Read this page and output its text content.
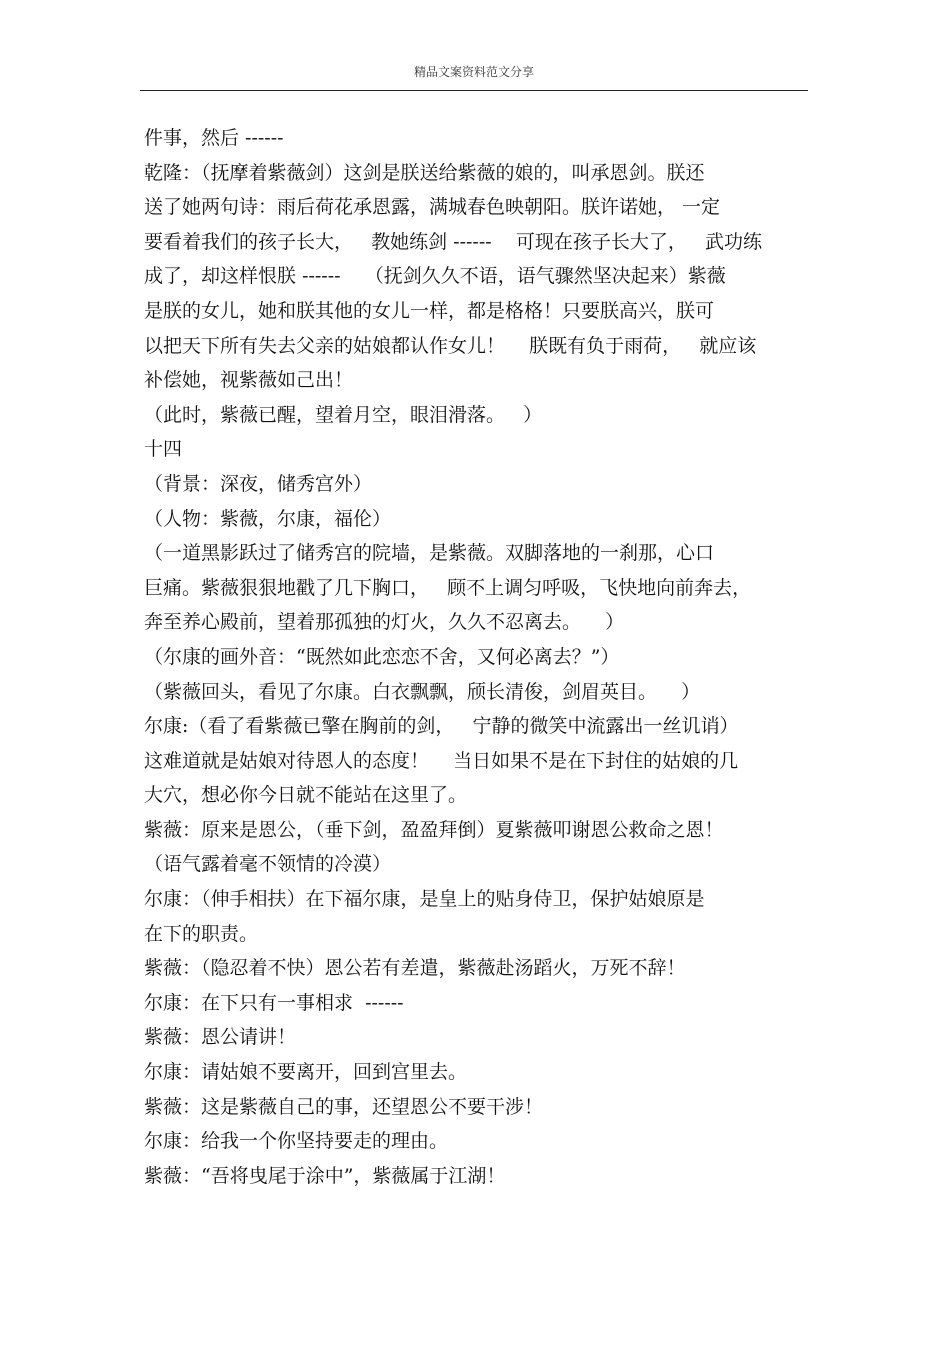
精品文案资料范文分享
件事，然后 ------
乾隆：（抚摩着紫薇剑）这剑是朕送给紫薇的娘的，叫承恩剑。朕还
送了她两句诗：雨后荷花承恩露，满城春色映朝阳。朕许诺她， 一定
要看着我们的孩子长大，   教她练剑 ------    可现在孩子长大了，   武功练
成了，却这样恨朕 ------    （抚剑久久不语，语气骤然坚决起来）紫薇
是朕的女儿，她和朕其他的女儿一样，都是格格！只要朕高兴，朕可
以把天下所有失去父亲的姑娘都认作女儿！    朕既有负于雨荷，   就应该
补偿她，视紫薇如己出！
（此时，紫薇已醒，望着月空，眼泪滑落。   ）
十四
（背景：深夜，储秀宫外）
（人物：紫薇，尔康，福伦）
（一道黑影跃过了储秀宫的院墙，是紫薇。双脚落地的一刹那，心口
巨痛。紫薇狠狠地戳了几下胸口，   顾不上调匀呼吸，飞快地向前奔去，
奔至养心殿前，望着那孤独的灯火，久久不忍离去。    ）
（尔康的画外音：“既然如此恋恋不舍，又何必离去？”）
（紫薇回头，看见了尔康。白衣飘飘，颀长清俊，剑眉英目。    ）
尔康:（看了看紫薇已擎在胸前的剑，   宁静的微笑中流露出一丝讥诮）
这难道就是姑娘对待恩人的态度！    当日如果不是在下封住的姑娘的几
大穴，想必你今日就不能站在这里了。
紫薇：原来是恩公，（垂下剑，盈盈拜倒）夏紫薇叩谢恩公救命之恩！
（语气露着毫不领情的冷漠）
尔康：（伸手相扶）在下福尔康，是皇上的贴身侍卫，保护姑娘原是
在下的职责。
紫薇：（隐忍着不快）恩公若有差遣，紫薇赴汤蹈火，万死不辞！
尔康：在下只有一事相求  ------
紫薇：恩公请讲！
尔康：请姑娘不要离开，回到宫里去。
紫薇：这是紫薇自己的事，还望恩公不要干涉！
尔康：给我一个你坚持要走的理由。
紫薇：“吾将曳尾于涂中”，紫薇属于江湖！
